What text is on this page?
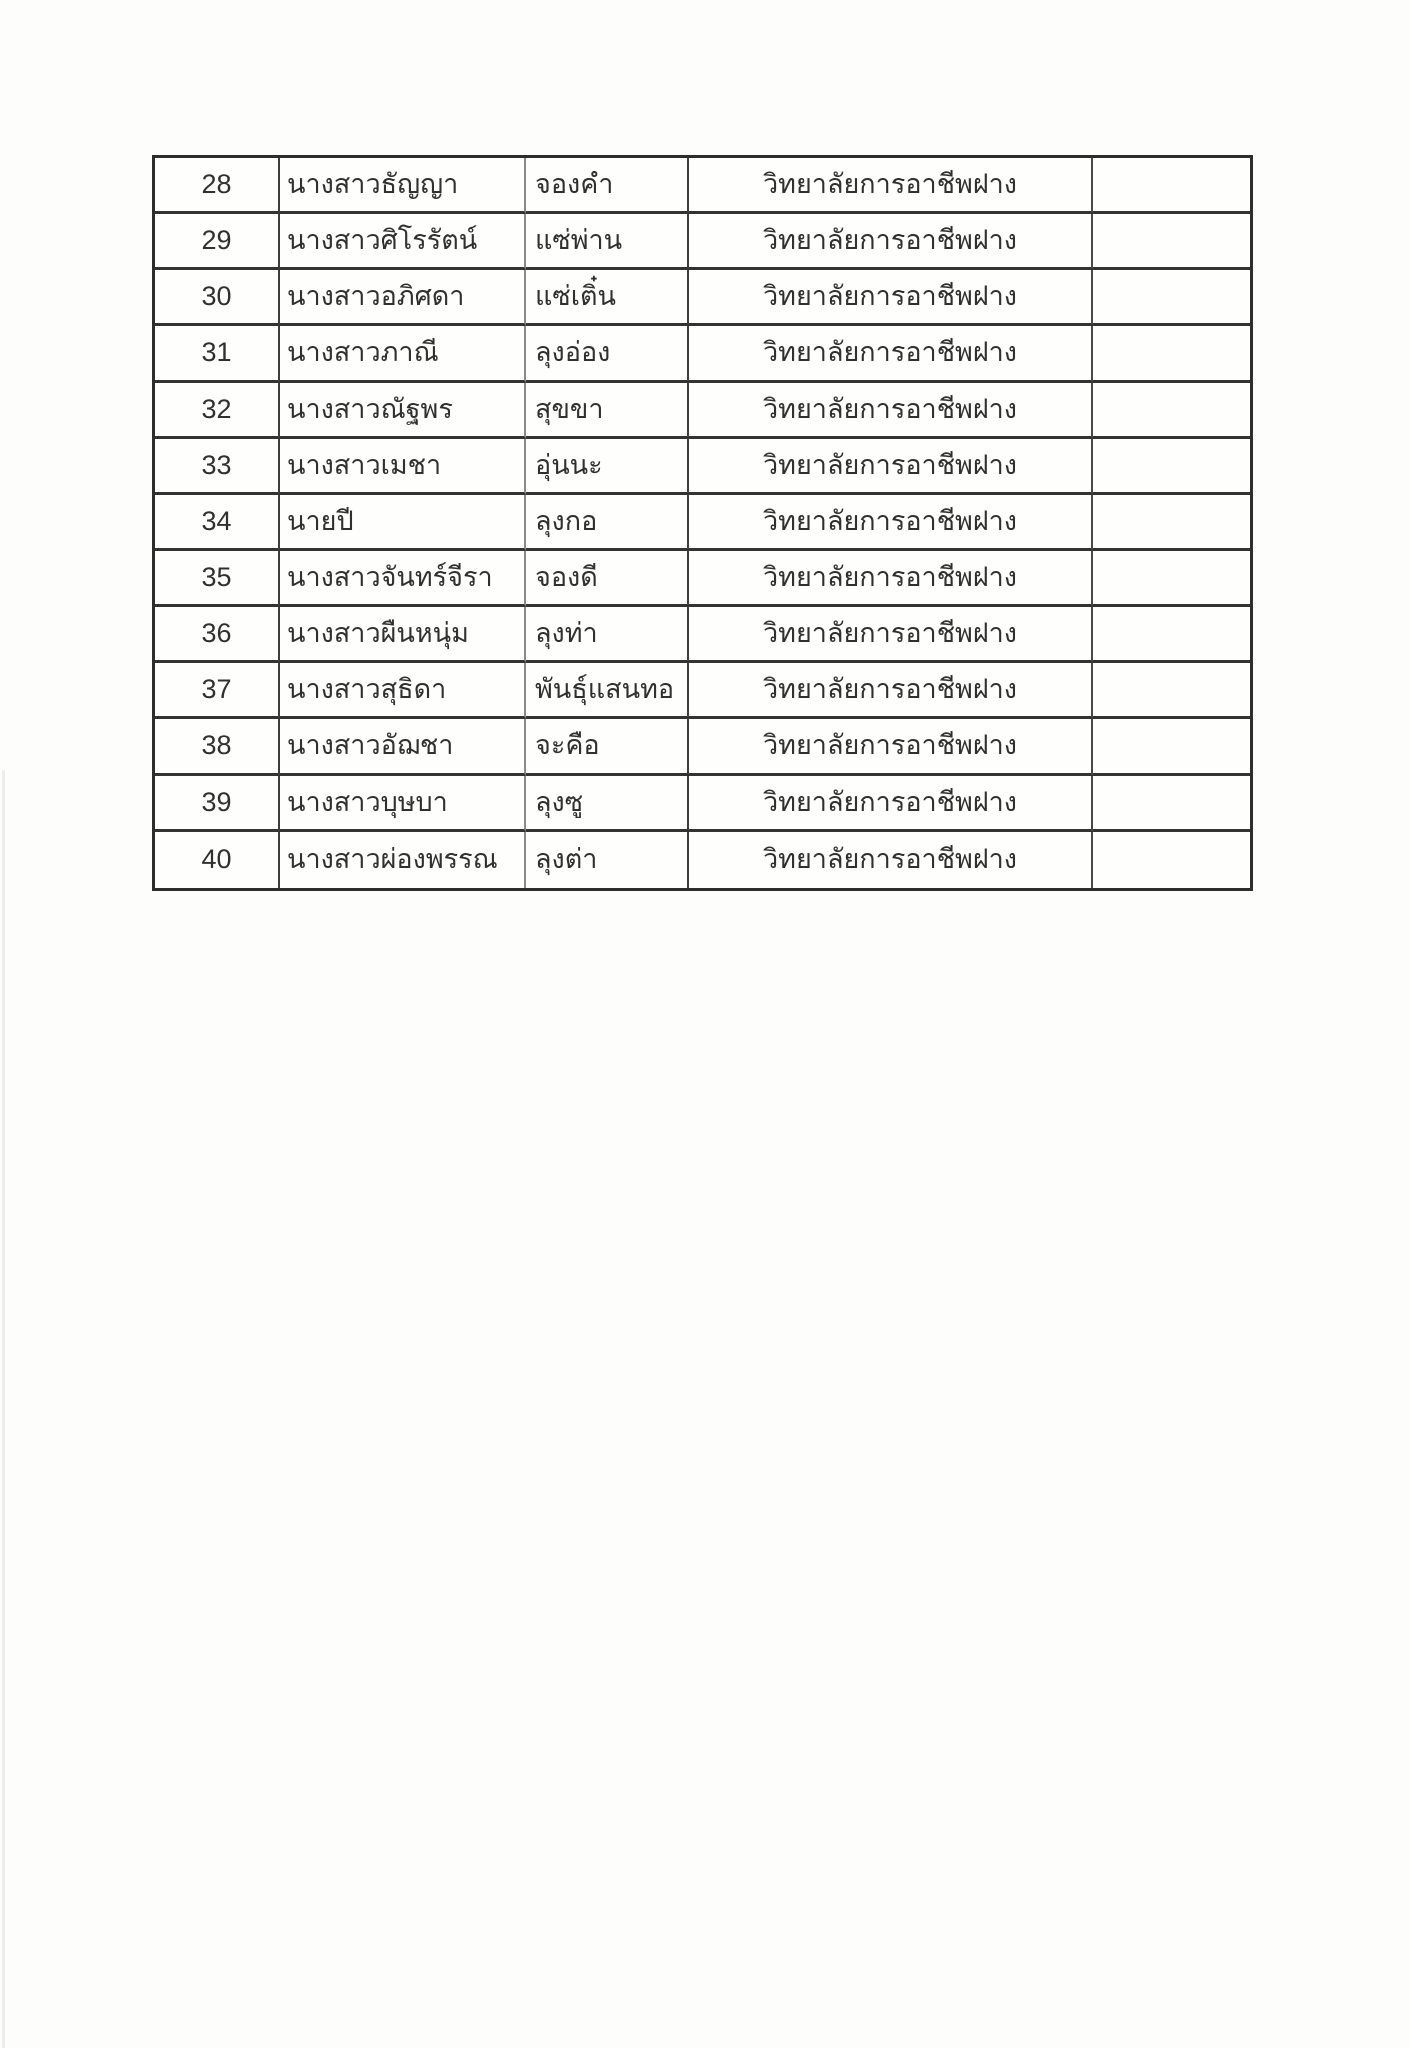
28	นางสาวธัญญา	จองคำ	วิทยาลัยการอาชีพฝาง
29	นางสาวศิโรรัตน์	แซ่พ่าน	วิทยาลัยการอาชีพฝาง
30	นางสาวอภิศดา	แซ่เติ๋น	วิทยาลัยการอาชีพฝาง
31	นางสาวภาณี	ลุงอ่อง	วิทยาลัยการอาชีพฝาง
32	นางสาวณัฐพร	สุขขา	วิทยาลัยการอาชีพฝาง
33	นางสาวเมชา	อุ่นนะ	วิทยาลัยการอาชีพฝาง
34	นายปี	ลุงกอ	วิทยาลัยการอาชีพฝาง
35	นางสาวจันทร์จีรา	จองดี	วิทยาลัยการอาชีพฝาง
36	นางสาวผืนหนุ่ม	ลุงท่า	วิทยาลัยการอาชีพฝาง
37	นางสาวสุธิดา	พันธุ์แสนทอ	วิทยาลัยการอาชีพฝาง
38	นางสาวอัฌชา	จะคือ	วิทยาลัยการอาชีพฝาง
39	นางสาวบุษบา	ลุงซู	วิทยาลัยการอาชีพฝาง
40	นางสาวผ่องพรรณ	ลุงต่า	วิทยาลัยการอาชีพฝาง
